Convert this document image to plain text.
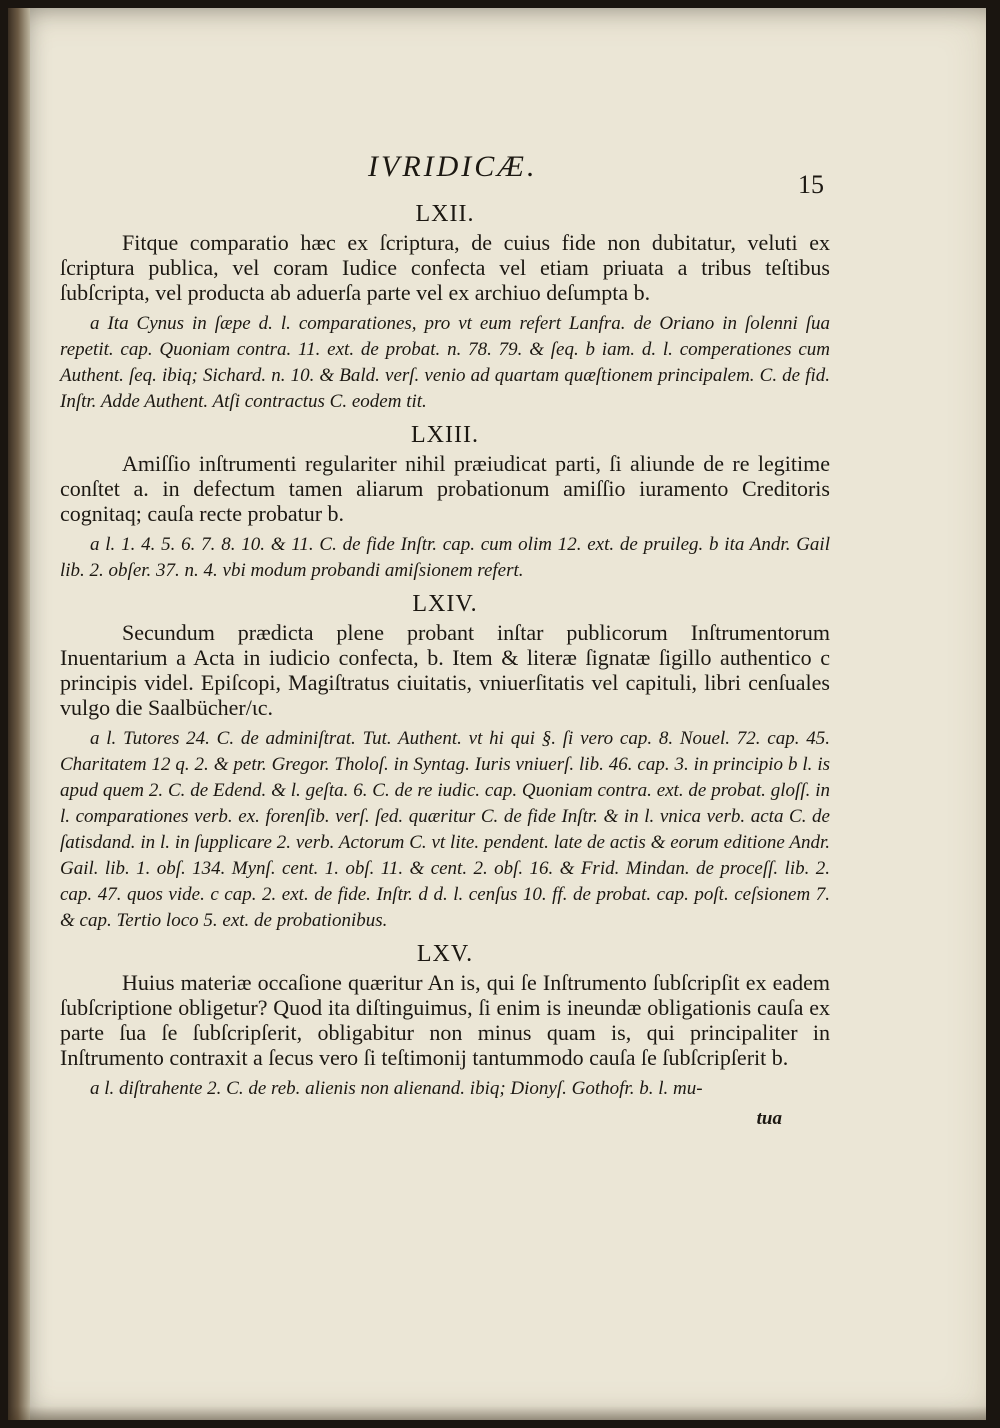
IVRIDICÆ.
15

LXII.

Fitque comparatio hæc ex ſcriptura, de cuius fide non dubitatur, veluti ex ſcriptura publica, vel coram Iudice confecta vel etiam priuata a tribus teſtibus ſubſcripta, vel producta ab aduerſa parte vel ex archiuo deſumpta b.

a Ita Cynus in ſæpe d. l. comparationes, pro vt eum refert Lanfra. de Oriano in ſolenni ſua repetit. cap. Quoniam contra. 11. ext. de probat. n. 78. 79. & ſeq. b iam. d. l. comperationes cum Authent. ſeq. ibiq; Sichard. n. 10. & Bald. verſ. venio ad quartam quæſtionem principalem. C. de fid. Inſtr. Adde Authent. Atſi contractus C. eodem tit.

LXIII.

Amiſſio inſtrumenti regulariter nihil præiudicat parti, ſi aliunde de re legitime conſtet a. in defectum tamen aliarum probationum amiſſio iuramento Creditoris cognitaq; cauſa recte probatur b.

a l. 1. 4. 5. 6. 7. 8. 10. & 11. C. de fide Inſtr. cap. cum olim 12. ext. de pruileg. b ita Andr. Gail lib. 2. obſer. 37. n. 4. vbi modum probandi amiſsionem refert.

LXIV.

Secundum prædicta plene probant inſtar publicorum Inſtrumentorum Inuentarium a Acta in iudicio confecta, b. Item & literæ ſignatæ ſigillo authentico c principis videl. Epiſcopi, Magiſtratus ciuitatis, vniuerſitatis vel capituli, libri cenſuales vulgo die Saalbücher/ɩc.

a l. Tutores 24. C. de adminiſtrat. Tut. Authent. vt hi qui §. ſi vero cap. 8. Nouel. 72. cap. 45. Charitatem 12 q. 2. & petr. Gregor. Tholoſ. in Syntag. Iuris vniuerſ. lib. 46. cap. 3. in principio b l. is apud quem 2. C. de Edend. & l. geſta. 6. C. de re iudic. cap. Quoniam contra. ext. de probat. gloſſ. in l. comparationes verb. ex. forenſib. verſ. ſed. quæritur C. de fide Inſtr. & in l. vnica verb. acta C. de ſatisdand. in l. in ſupplicare 2. verb. Actorum C. vt lite. pendent. late de actis & eorum editione Andr. Gail. lib. 1. obſ. 134. Mynſ. cent. 1. obſ. 11. & cent. 2. obſ. 16. & Frid. Mindan. de proceſſ. lib. 2. cap. 47. quos vide. c cap. 2. ext. de fide. Inſtr. d d. l. cenſus 10. ff. de probat. cap. poſt. ceſsionem 7. & cap. Tertio loco 5. ext. de probationibus.

LXV.

Huius materiæ occaſione quæritur An is, qui ſe Inſtrumento ſubſcripſit ex eadem ſubſcriptione obligetur? Quod ita diſtinguimus, ſi enim is ineundæ obligationis cauſa ex parte ſua ſe ſubſcripſerit, obligabitur non minus quam is, qui principaliter in Inſtrumento contraxit a ſecus vero ſi teſtimonij tantummodo cauſa ſe ſubſcripſerit b.

a l. diſtrahente 2. C. de reb. alienis non alienand. ibiq; Dionyſ. Gothofr. b. l. mu-

tua
